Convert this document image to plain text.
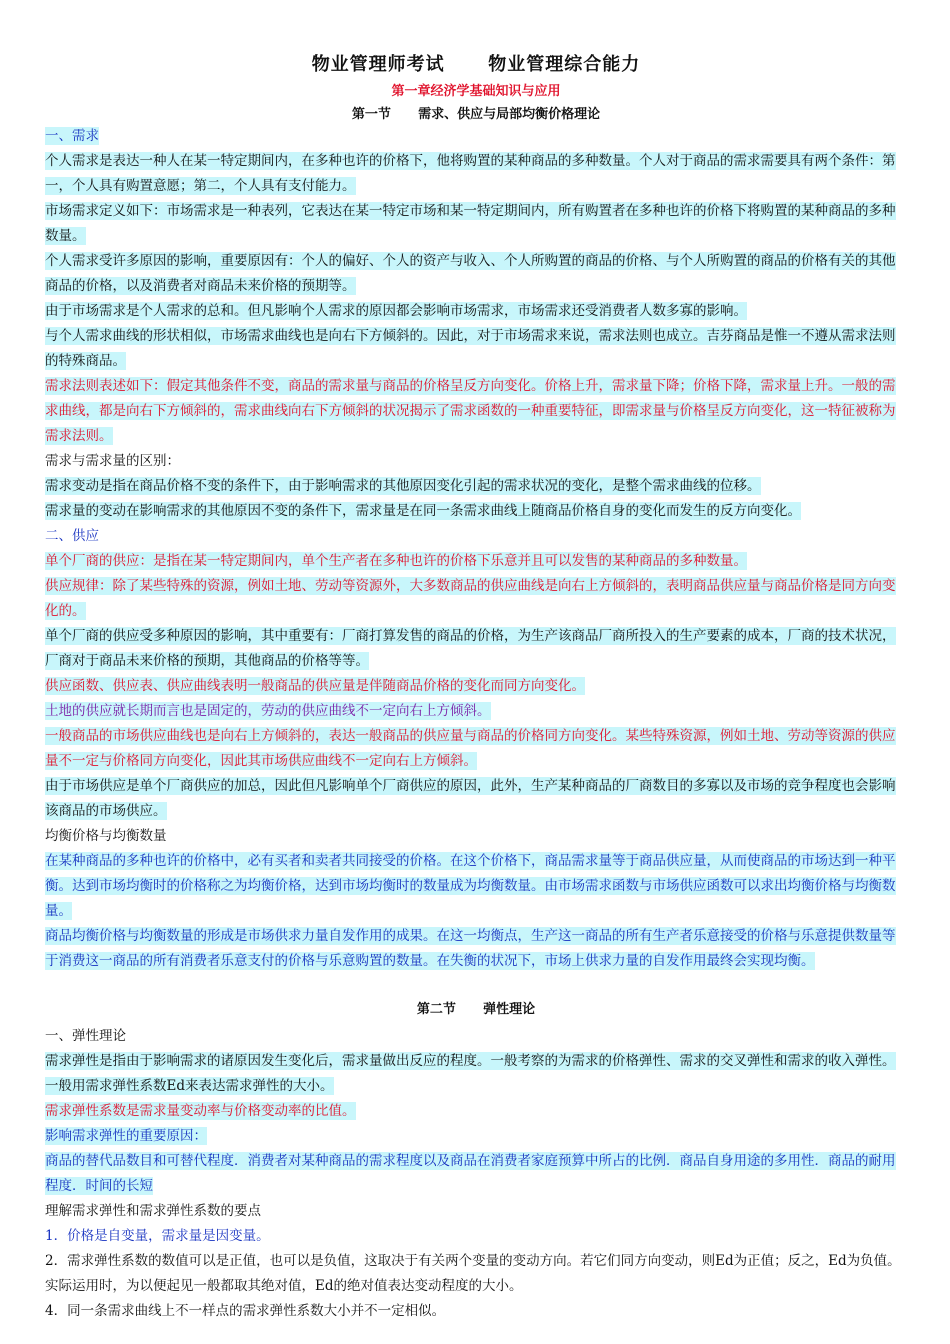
物业管理师考试      物业管理综合能力
第一章经济学基础知识与应用
第一节      需求、供应与局部均衡价格理论
第二节      弹性理论
一、需求
个人需求是表达一种人在某一特定期间内，在多种也许的价格下，他将购置的某种商品的多种数量。个人对于商品的需求需要具有两个条件：第一，个人具有购置意愿；第二，个人具有支付能力。
市场需求定义如下：市场需求是一种表列，它表达在某一特定市场和某一特定期间内，所有购置者在多种也许的价格下将购置的某种商品的多种数量。
个人需求受许多原因的影响，重要原因有：个人的偏好、个人的资产与收入、个人所购置的商品的价格、与个人所购置的商品的价格有关的其他商品的价格，以及消费者对商品未来价格的预期等。
由于市场需求是个人需求的总和。但凡影响个人需求的原因都会影响市场需求，市场需求还受消费者人数多寡的影响。
与个人需求曲线的形状相似，市场需求曲线也是向右下方倾斜的。因此，对于市场需求来说，需求法则也成立。吉芬商品是惟一不遵从需求法则的特殊商品。
需求法则表述如下：假定其他条件不变，商品的需求量与商品的价格呈反方向变化。价格上升，需求量下降；价格下降，需求量上升。一般的需求曲线，都是向右下方倾斜的，需求曲线向右下方倾斜的状况揭示了需求函数的一种重要特征，即需求量与价格呈反方向变化，这一特征被称为需求法则。
需求与需求量的区别：
需求变动是指在商品价格不变的条件下，由于影响需求的其他原因变化引起的需求状况的变化，是整个需求曲线的位移。
需求量的变动在影响需求的其他原因不变的条件下，需求量是在同一条需求曲线上随商品价格自身的变化而发生的反方向变化。
二、供应
单个厂商的供应：是指在某一特定期间内，单个生产者在多种也许的价格下乐意并且可以发售的某种商品的多种数量。
供应规律：除了某些特殊的资源，例如土地、劳动等资源外，大多数商品的供应曲线是向右上方倾斜的，表明商品供应量与商品价格是同方向变化的。
单个厂商的供应受多种原因的影响，其中重要有：厂商打算发售的商品的价格，为生产该商品厂商所投入的生产要素的成本，厂商的技术状况，厂商对于商品未来价格的预期，其他商品的价格等等。
供应函数、供应表、供应曲线表明一般商品的供应量是伴随商品价格的变化而同方向变化。
土地的供应就长期而言也是固定的，劳动的供应曲线不一定向右上方倾斜。
一般商品的市场供应曲线也是向右上方倾斜的，表达一般商品的供应量与商品的价格同方向变化。某些特殊资源，例如土地、劳动等资源的供应量不一定与价格同方向变化，因此其市场供应曲线不一定向右上方倾斜。
由于市场供应是单个厂商供应的加总，因此但凡影响单个厂商供应的原因，此外，生产某种商品的厂商数目的多寡以及市场的竞争程度也会影响该商品的市场供应。
均衡价格与均衡数量
在某种商品的多种也许的价格中，必有买者和卖者共同接受的价格。在这个价格下，商品需求量等于商品供应量，从而使商品的市场达到一种平衡。达到市场均衡时的价格称之为均衡价格，达到市场均衡时的数量成为均衡数量。由市场需求函数与市场供应函数可以求出均衡价格与均衡数量。
商品均衡价格与均衡数量的形成是市场供求力量自发作用的成果。在这一均衡点，生产这一商品的所有生产者乐意接受的价格与乐意提供数量等于消费这一商品的所有消费者乐意支付的价格与乐意购置的数量。在失衡的状况下，市场上供求力量的自发作用最终会实现均衡。
一、弹性理论
需求弹性是指由于影响需求的诸原因发生变化后，需求量做出反应的程度。一般考察的为需求的价格弹性、需求的交叉弹性和需求的收入弹性。一般用需求弹性系数Ed来表达需求弹性的大小。
需求弹性系数是需求量变动率与价格变动率的比值。
影响需求弹性的重要原因：
商品的替代品数目和可替代程度．消费者对某种商品的需求程度以及商品在消费者家庭预算中所占的比例．商品自身用途的多用性．商品的耐用程度．时间的长短
理解需求弹性和需求弹性系数的要点
1．价格是自变量，需求量是因变量。
2．需求弹性系数的数值可以是正值，也可以是负值，这取决于有关两个变量的变动方向。若它们同方向变动，则Ed为正值；反之，Ed为负值。实际运用时，为以便起见一般都取其绝对值，Ed的绝对值表达变动程度的大小。
4．同一条需求曲线上不一样点的需求弹性系数大小并不一定相似。
